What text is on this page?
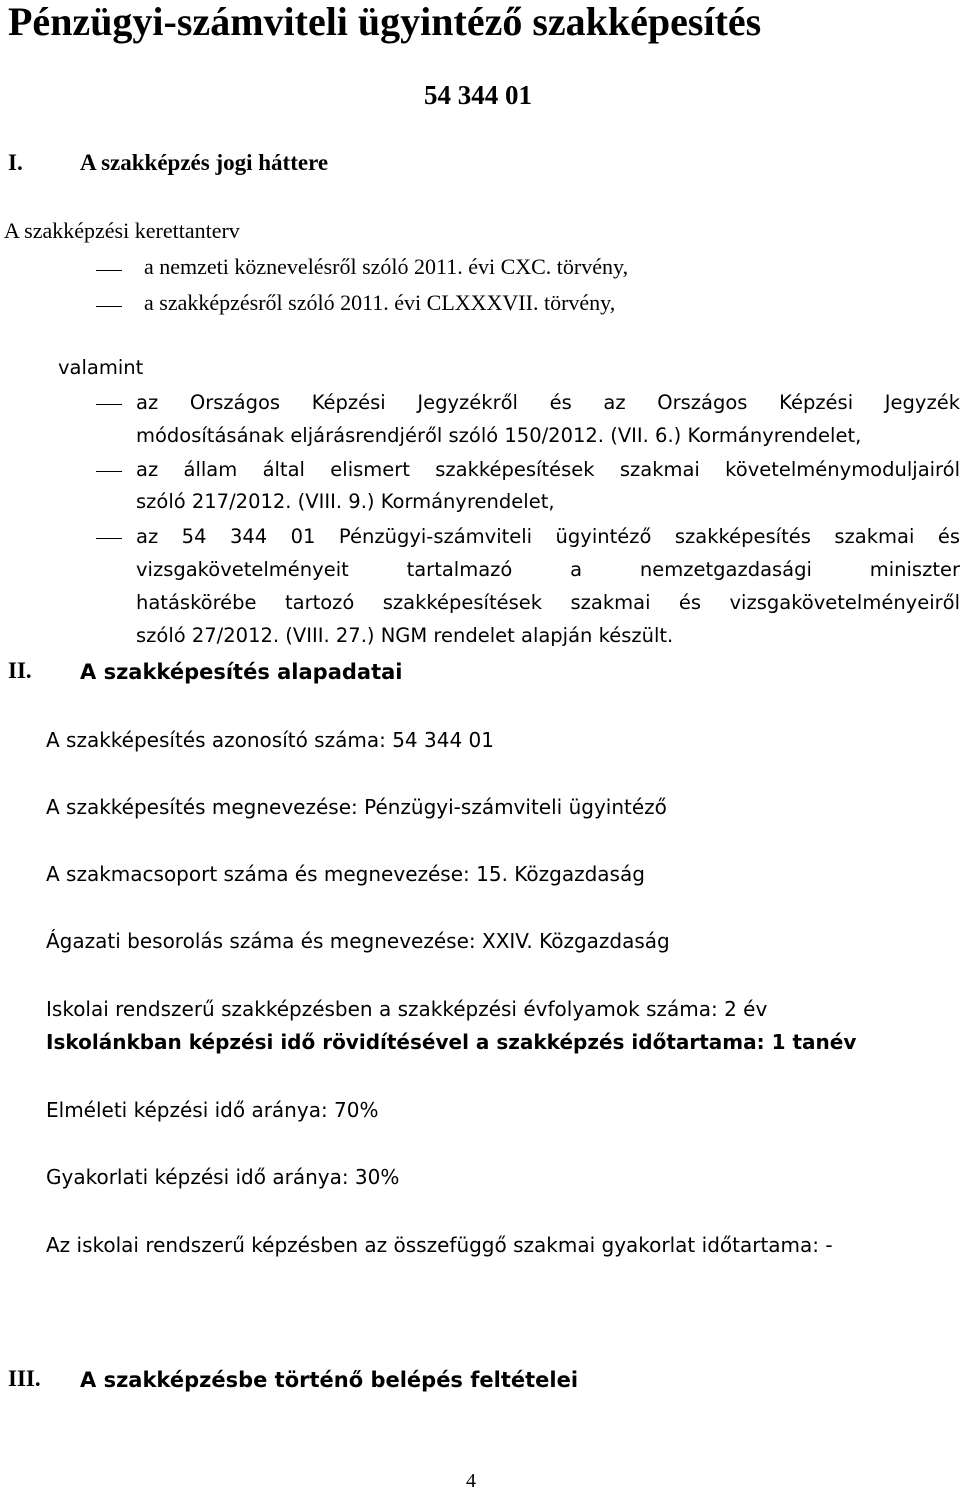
Pénzügyi-számviteli ügyintéző szakképesítés
54 344 01
I. A szakképzés jogi háttere
A szakképzési kerettanterv
a nemzeti köznevelésről szóló 2011. évi CXC. törvény,
a szakképzésről szóló 2011. évi CLXXXVII. törvény,
valamint
az Országos Képzési Jegyzékről és az Országos Képzési Jegyzék
módosításának eljárásrendjéről szóló 150/2012. (VII. 6.) Kormányrendelet,
az állam által elismert szakképesítések szakmai követelménymoduljairól
szóló 217/2012. (VIII. 9.) Kormányrendelet,
az 54 344 01 Pénzügyi-számviteli ügyintéző szakképesítés szakmai és
vizsgakövetelményeit tartalmazó a nemzetgazdasági miniszter
hatáskörébe tartozó szakképesítések szakmai és vizsgakövetelményeiről
szóló 27/2012. (VIII. 27.) NGM rendelet alapján készült.
II. A szakképesítés alapadatai
A szakképesítés azonosító száma: 54 344 01
A szakképesítés megnevezése: Pénzügyi-számviteli ügyintéző
A szakmacsoport száma és megnevezése: 15. Közgazdaság
Ágazati besorolás száma és megnevezése: XXIV. Közgazdaság
Iskolai rendszerű szakképzésben a szakképzési évfolyamok száma: 2 év
Iskolánkban képzési idő rövidítésével a szakképzés időtartama: 1 tanév
Elméleti képzési idő aránya: 70%
Gyakorlati képzési idő aránya: 30%
Az iskolai rendszerű képzésben az összefüggő szakmai gyakorlat időtartama: -
III. A szakképzésbe történő belépés feltételei
4
